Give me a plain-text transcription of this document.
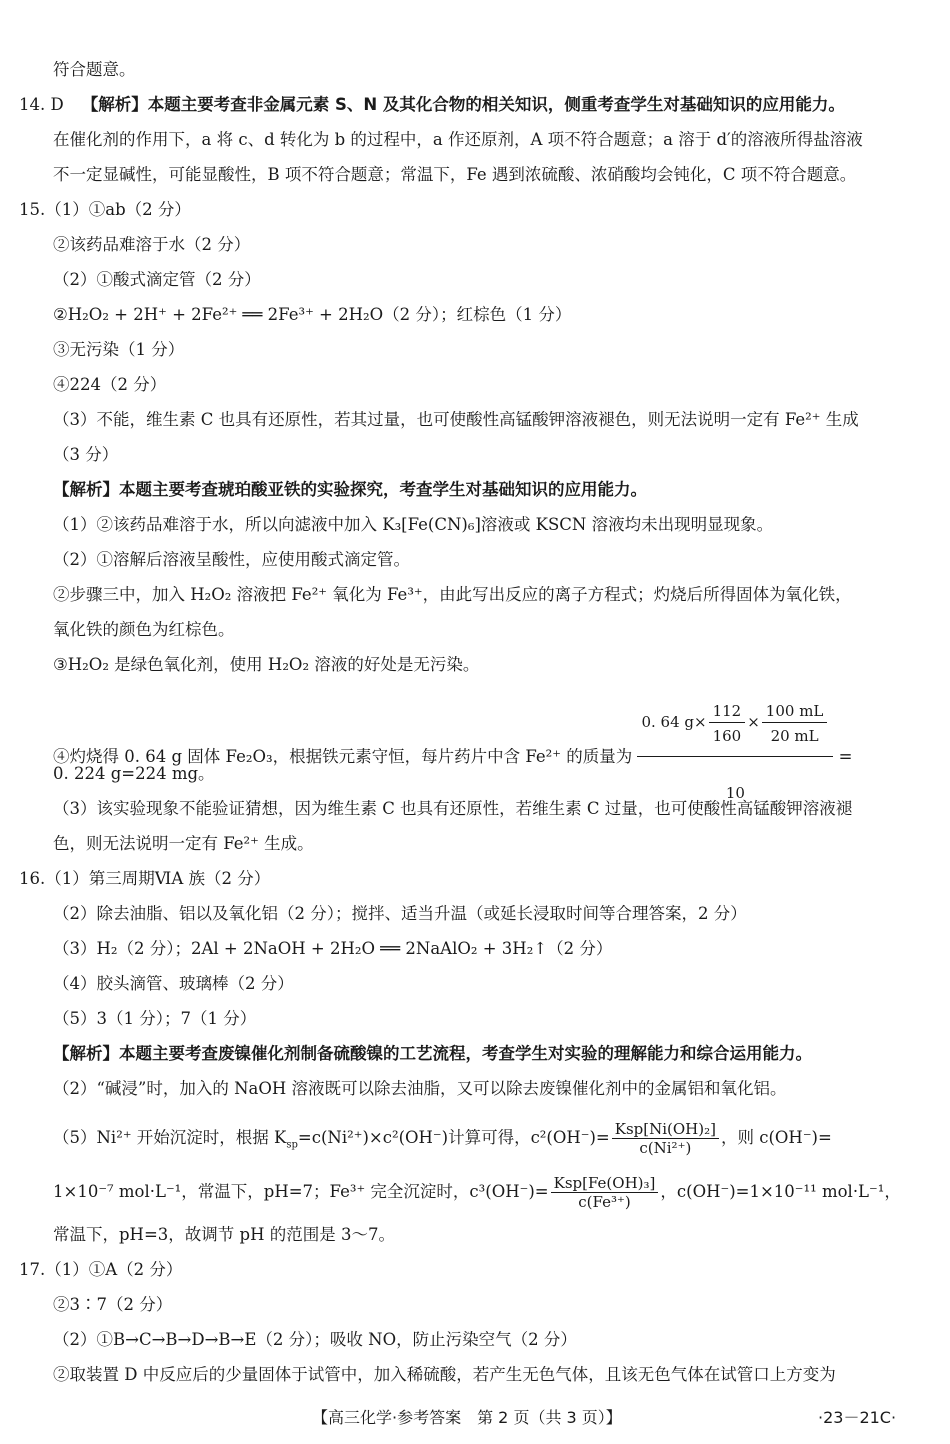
符合题意。
14. D 【解析】本题主要考查非金属元素 S、N 及其化合物的相关知识，侧重考查学生对基础知识的应用能力。
在催化剂的作用下，a 将 c、d 转化为 b 的过程中，a 作还原剂，A 项不符合题意；a 溶于 d′的溶液所得盐溶液
不一定显碱性，可能显酸性，B 项不符合题意；常温下，Fe 遇到浓硫酸、浓硝酸均会钝化，C 项不符合题意。
15.（1）①ab（2 分）
②该药品难溶于水（2 分）
（2）①酸式滴定管（2 分）
②H₂O₂ + 2H⁺ + 2Fe²⁺ ══ 2Fe³⁺ + 2H₂O（2 分）；红棕色（1 分）
③无污染（1 分）
④224（2 分）
（3）不能，维生素 C 也具有还原性，若其过量，也可使酸性高锰酸钾溶液褪色，则无法说明一定有 Fe²⁺ 生成
（3 分）
【解析】本题主要考查琥珀酸亚铁的实验探究，考查学生对基础知识的应用能力。
（1）②该药品难溶于水，所以向滤液中加入 K₃[Fe(CN)₆]溶液或 KSCN 溶液均未出现明显现象。
（2）①溶解后溶液呈酸性，应使用酸式滴定管。
②步骤三中，加入 H₂O₂ 溶液把 Fe²⁺ 氧化为 Fe³⁺，由此写出反应的离子方程式；灼烧后所得固体为氧化铁，
氧化铁的颜色为红棕色。
③H₂O₂ 是绿色氧化剂，使用 H₂O₂ 溶液的好处是无污染。
④灼烧得 0. 64 g 固体 Fe₂O₃，根据铁元素守恒，每片药片中含 Fe²⁺ 的质量为 $\frac{0. 64 g\times \frac{112}{160} \times \frac{100 mL}{20 mL}}{10}$ =
0. 224 g=224 mg。
（3）该实验现象不能验证猜想，因为维生素 C 也具有还原性，若维生素 C 过量，也可使酸性高锰酸钾溶液褪
色，则无法说明一定有 Fe²⁺ 生成。
16.（1）第三周期ⅥA 族（2 分）
（2）除去油脂、铝以及氧化铝（2 分）；搅拌、适当升温（或延长浸取时间等合理答案，2 分）
（3）H₂（2 分）；2Al + 2NaOH + 2H₂O ══ 2NaAlO₂ + 3H₂↑（2 分）
（4）胶头滴管、玻璃棒（2 分）
（5）3（1 分）；7（1 分）
【解析】本题主要考查废镍催化剂制备硫酸镍的工艺流程，考查学生对实验的理解能力和综合运用能力。
（2）“碱浸”时，加入的 NaOH 溶液既可以除去油脂，又可以除去废镍催化剂中的金属铝和氧化铝。
（5）Ni²⁺ 开始沉淀时，根据 $K_{sp}=c(Ni^{2+})\times c^2(OH^-)$计算可得，$c^2(OH^-)= \frac{\text{Ksp[Ni(OH)₂]}}{\text{c(Ni²⁺)}}$ ，则 c(OH⁻)=
1×10⁻⁷ mol·L⁻¹，常温下，pH=7；Fe³⁺ 完全沉淀时，$c^3(OH^-)= \frac{\text{Ksp[Fe(OH)₃]}}{\text{c(Fe³⁺)}}$ ，c(OH⁻)=1×10⁻¹¹ mol·L⁻¹，
常温下，pH=3，故调节 pH 的范围是 3～7。
17.（1）①A（2 分）
②3∶7（2 分）
（2）①B→C→B→D→B→E（2 分）；吸收 NO，防止污染空气（2 分）
②取装置 D 中反应后的少量固体于试管中，加入稀硫酸，若产生无色气体，且该无色气体在试管口上方变为
【高三化学·参考答案　第 2 页（共 3 页）】	·23－21C·
